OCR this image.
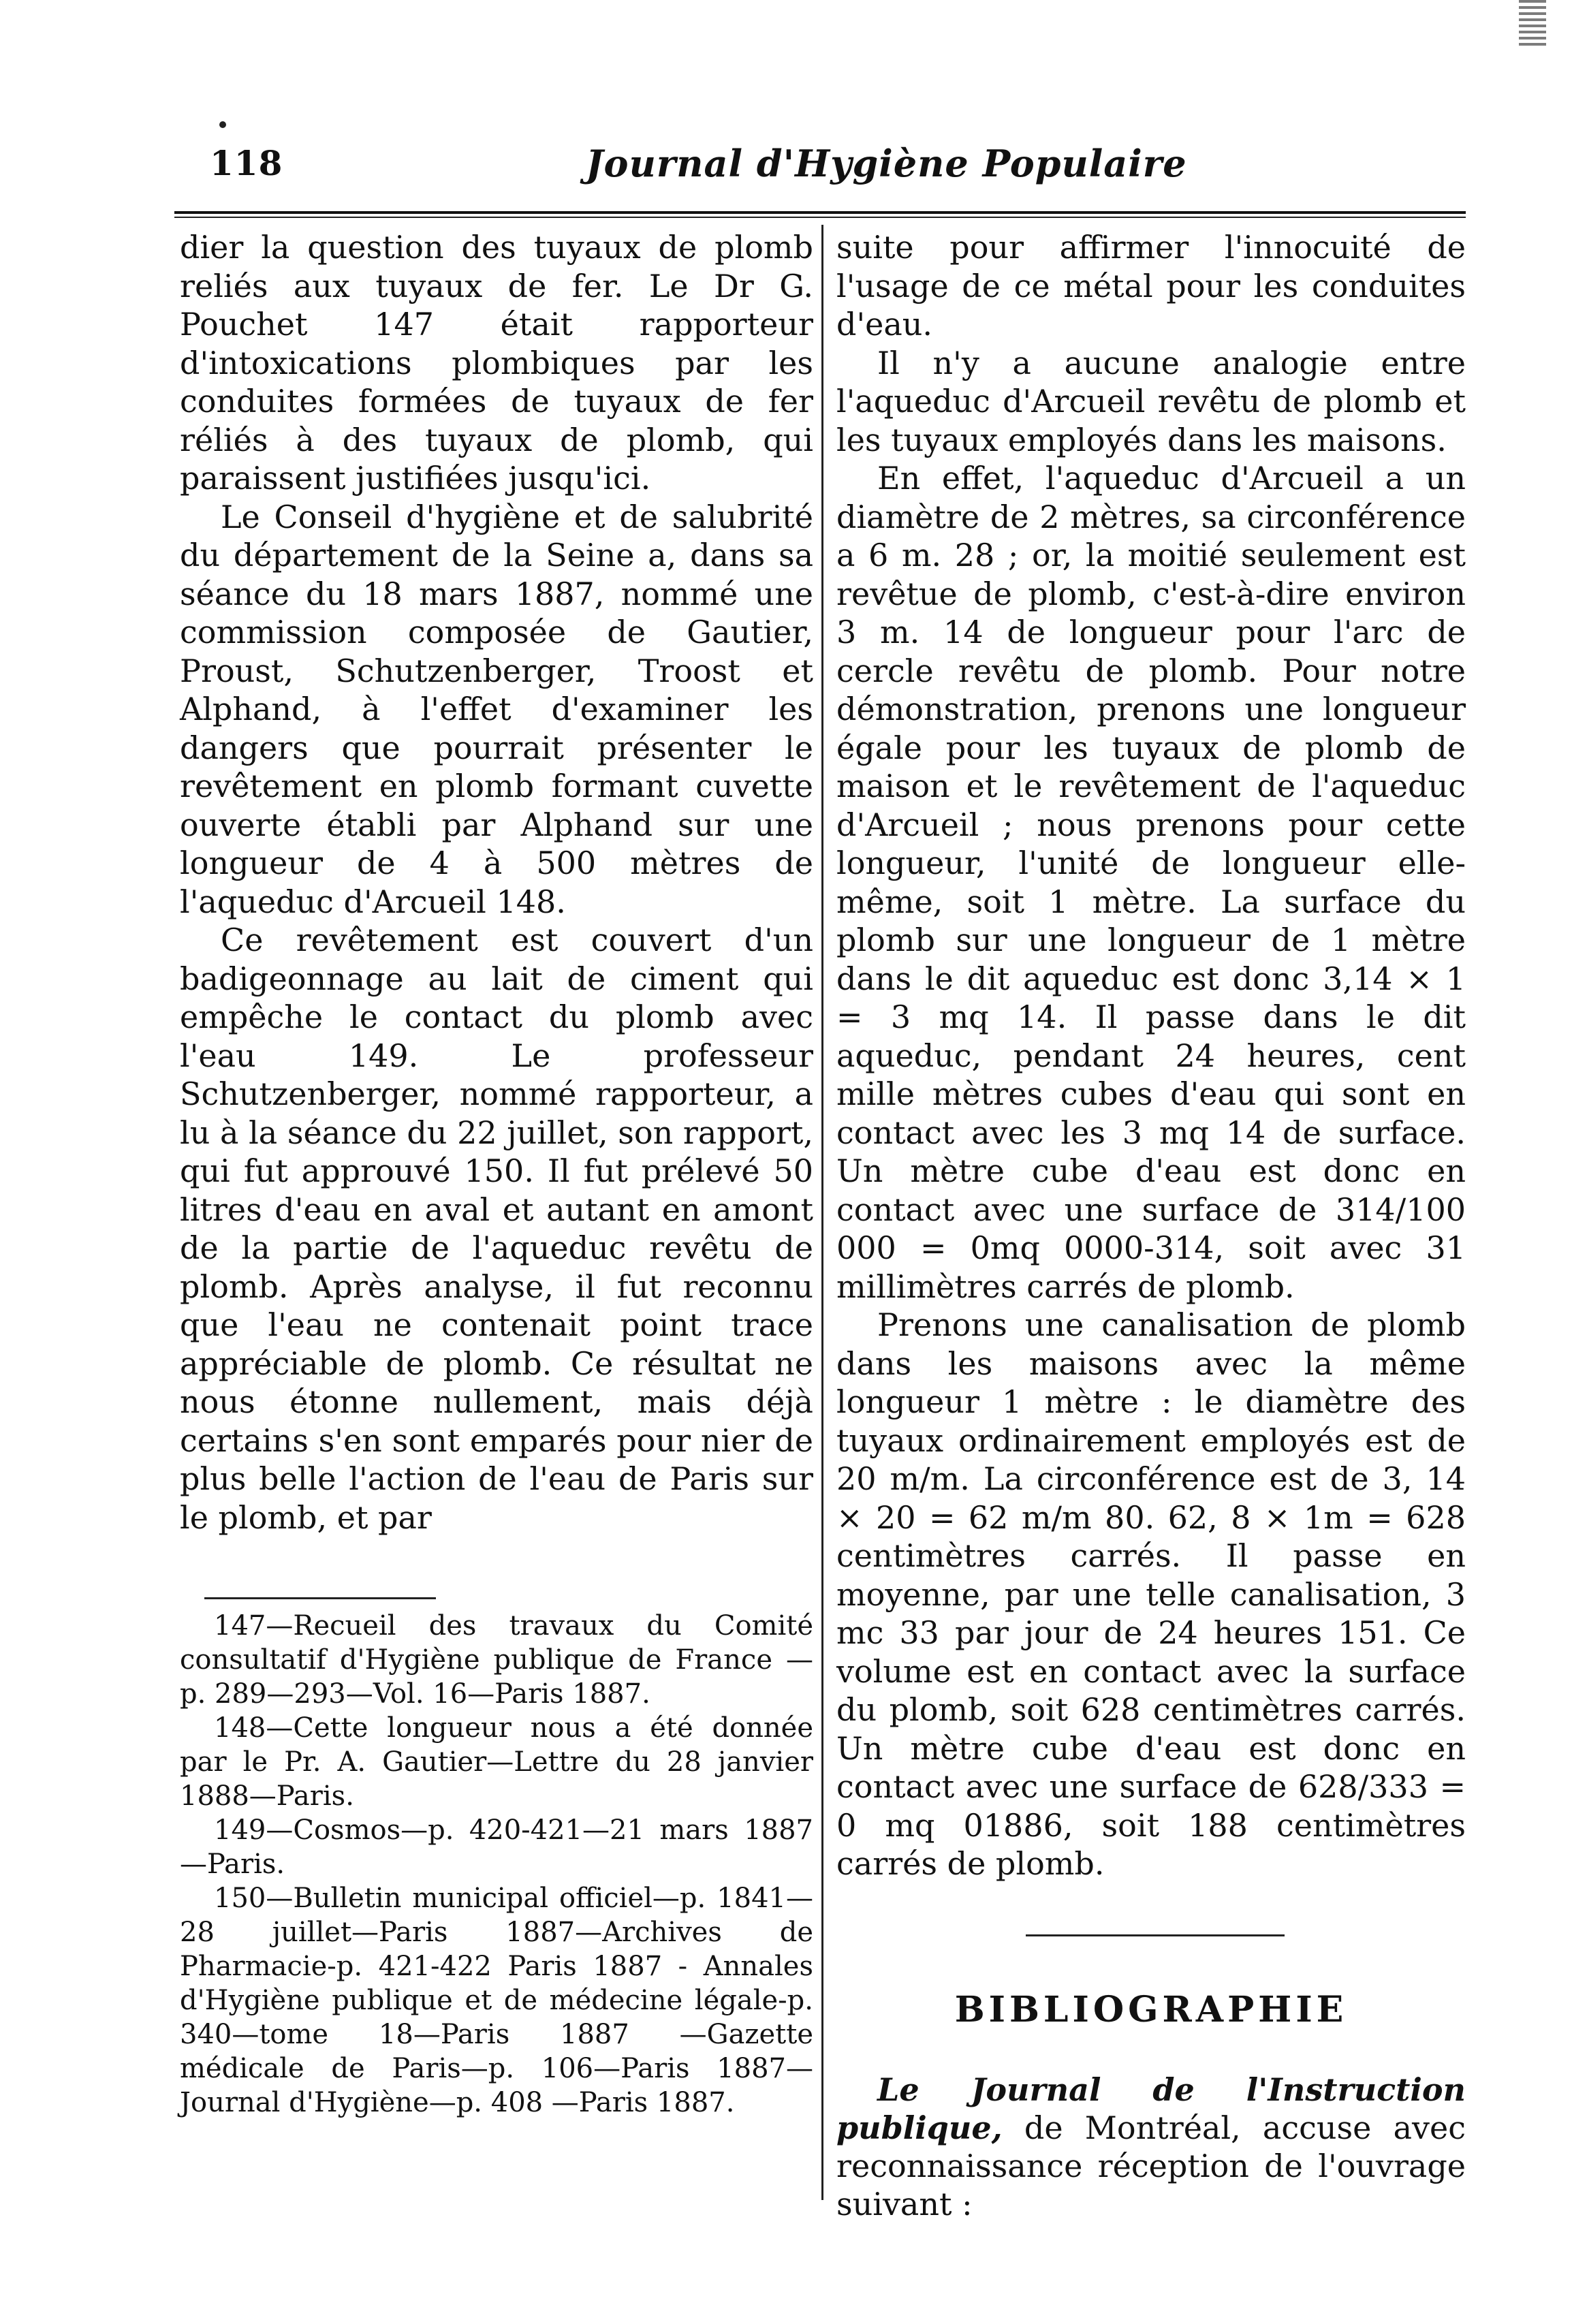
118	Journal d'Hygiène Populaire

dier la question des tuyaux de plomb reliés aux tuyaux de fer. Le Dr G. Pouchet 147 était rapporteur d'intoxications plombiques par les conduites formées de tuyaux de fer réliés à des tuyaux de plomb, qui paraissent justifiées jusqu'ici.

Le Conseil d'hygiène et de salubrité du département de la Seine a, dans sa séance du 18 mars 1887, nommé une commission composée de Gautier, Proust, Schutzenberger, Troost et Alphand, à l'effet d'examiner les dangers que pourrait présenter le revêtement en plomb formant cuvette ouverte établi par Alphand sur une longueur de 4 à 500 mètres de l'aqueduc d'Arcueil 148.

Ce revêtement est couvert d'un badigeonnage au lait de ciment qui empêche le contact du plomb avec l'eau 149. Le professeur Schutzenberger, nommé rapporteur, a lu à la séance du 22 juillet, son rapport, qui fut approuvé 150. Il fut prélevé 50 litres d'eau en aval et autant en amont de la partie de l'aqueduc revêtu de plomb. Après analyse, il fut reconnu que l'eau ne contenait point trace appréciable de plomb. Ce résultat ne nous étonne nullement, mais déjà certains s'en sont emparés pour nier de plus belle l'action de l'eau de Paris sur le plomb, et par

147—Recueil des travaux du Comité consultatif d'Hygiène publique de France —p. 289—293—Vol. 16—Paris 1887.

148—Cette longueur nous a été donnée par le Pr. A. Gautier—Lettre du 28 janvier 1888—Paris.

149—Cosmos—p. 420-421—21 mars 1887—Paris.

150—Bulletin municipal officiel—p. 1841—28 juillet—Paris 1887—Archives de Pharmacie-p. 421-422 Paris 1887 - Annales d'Hygiène publique et de médecine légale-p. 340—tome 18—Paris 1887 —Gazette médicale de Paris—p. 106—Paris 1887—Journal d'Hygiène—p. 408 —Paris 1887.

suite pour affirmer l'innocuité de l'usage de ce métal pour les conduites d'eau.

Il n'y a aucune analogie entre l'aqueduc d'Arcueil revêtu de plomb et les tuyaux employés dans les maisons.

En effet, l'aqueduc d'Arcueil a un diamètre de 2 mètres, sa circonférence a 6 m. 28 ; or, la moitié seulement est revêtue de plomb, c'est-à-dire environ 3 m. 14 de longueur pour l'arc de cercle revêtu de plomb. Pour notre démonstration, prenons une longueur égale pour les tuyaux de plomb de maison et le revêtement de l'aqueduc d'Arcueil ; nous prenons pour cette longueur, l'unité de longueur elle-même, soit 1 mètre. La surface du plomb sur une longueur de 1 mètre dans le dit aqueduc est donc 3,14 × 1 = 3 mq 14. Il passe dans le dit aqueduc, pendant 24 heures, cent mille mètres cubes d'eau qui sont en contact avec les 3 mq 14 de surface. Un mètre cube d'eau est donc en contact avec une surface de 314/100 000 = 0mq 0000-314, soit avec 31 millimètres carrés de plomb.

Prenons une canalisation de plomb dans les maisons avec la même longueur 1 mètre : le diamètre des tuyaux ordinairement employés est de 20 m/m. La circonférence est de 3, 14 × 20 = 62 m/m 80. 62, 8 × 1m = 628 centimètres carrés. Il passe en moyenne, par une telle canalisation, 3 mc 33 par jour de 24 heures 151. Ce volume est en contact avec la surface du plomb, soit 628 centimètres carrés. Un mètre cube d'eau est donc en contact avec une surface de 628/333 = 0 mq 01886, soit 188 centimètres carrés de plomb.

BIBLIOGRAPHIE

Le Journal de l'Instruction publique, de Montréal, accuse avec reconnaissance réception de l'ouvrage suivant :
